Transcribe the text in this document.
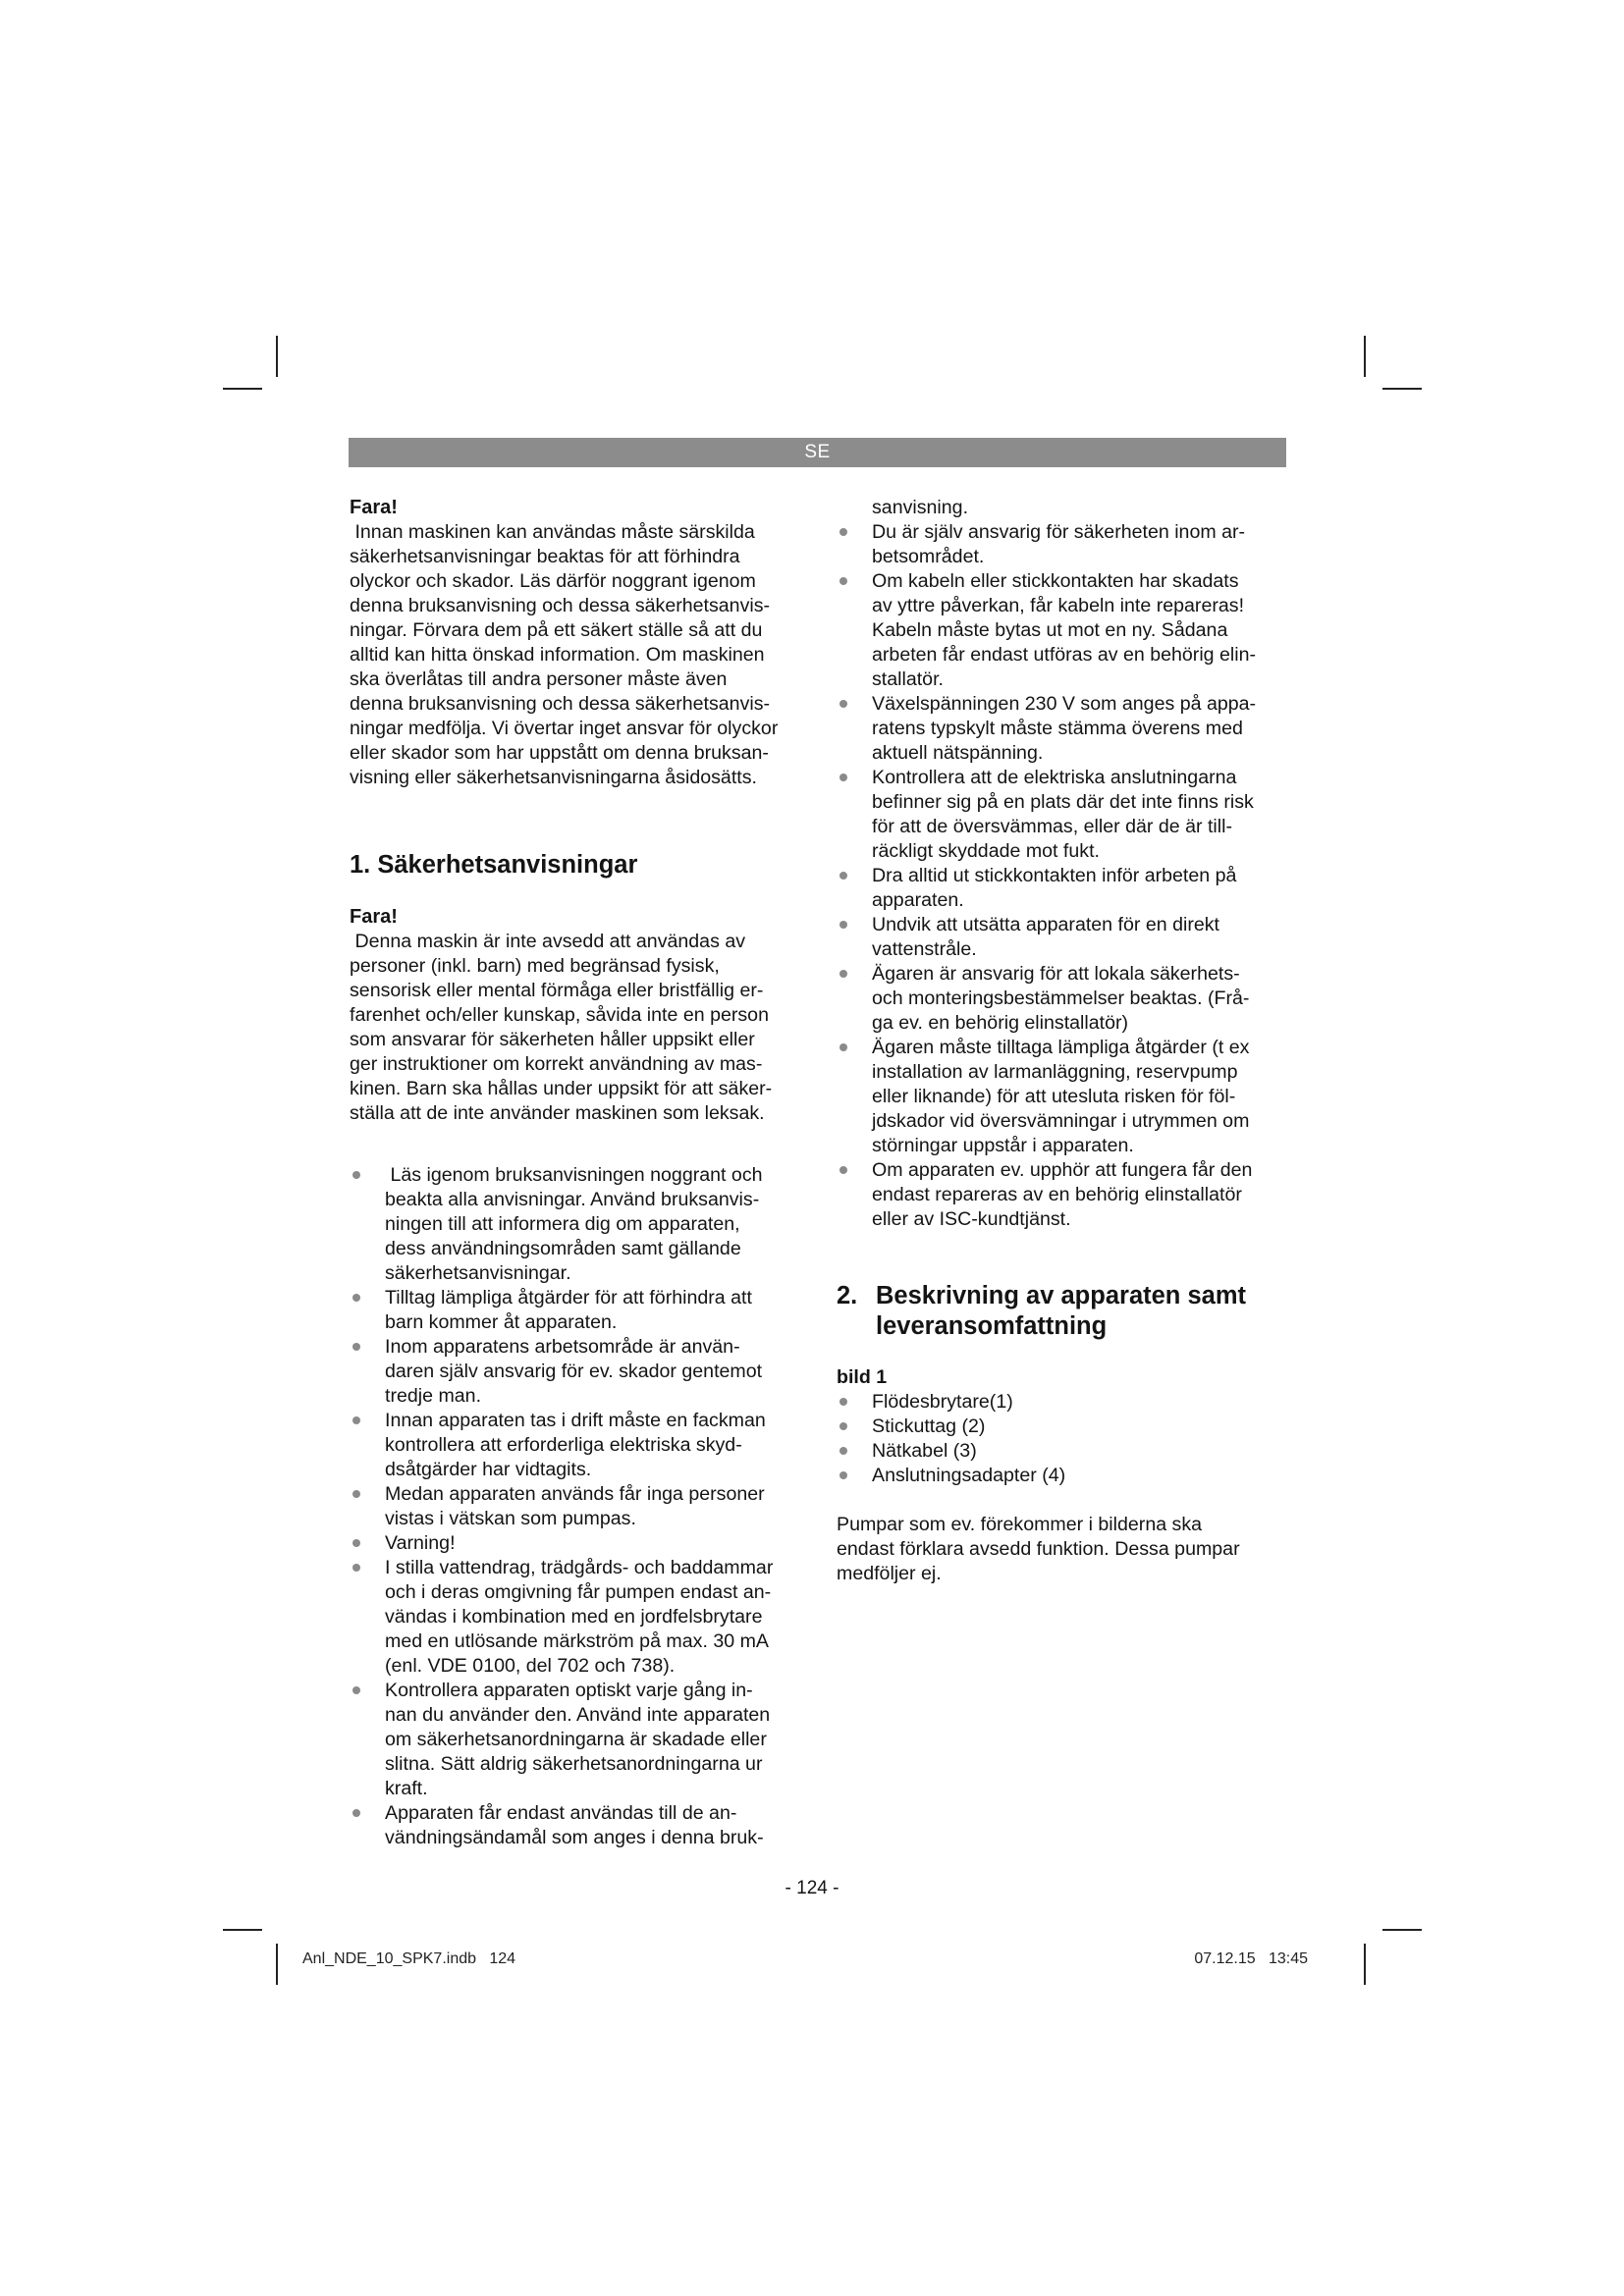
SE

Fara!

Innan maskinen kan användas måste särskilda
säkerhetsanvisningar beaktas för att förhindra
olyckor och skador. Läs därför noggrant igenom
denna bruksanvisning och dessa säkerhetsanvis-
ningar. Förvara dem på ett säkert ställe så att du
alltid kan hitta önskad information. Om maskinen
ska överlåtas till andra personer måste även
denna bruksanvisning och dessa säkerhetsanvis-
ningar medfölja. Vi övertar inget ansvar för olyckor
eller skador som har uppstått om denna bruksan-
visning eller säkerhetsanvisningarna åsidosätts.

1. Säkerhetsanvisningar

Fara!

Denna maskin är inte avsedd att användas av
personer (inkl. barn) med begränsad fysisk,
sensorisk eller mental förmåga eller bristfällig er-
farenhet och/eller kunskap, såvida inte en person
som ansvarar för säkerheten håller uppsikt eller
ger instruktioner om korrekt användning av mas-
kinen. Barn ska hållas under uppsikt för att säker-
ställa att de inte använder maskinen som leksak.

Läs igenom bruksanvisningen noggrant och
beakta alla anvisningar. Använd bruksanvis-
ningen till att informera dig om apparaten,
dess användningsområden samt gällande
säkerhetsanvisningar.
Tilltag lämpliga åtgärder för att förhindra att
barn kommer åt apparaten.
Inom apparatens arbetsområde är använ-
daren själv ansvarig för ev. skador gentemot
tredje man.
Innan apparaten tas i drift måste en fackman
kontrollera att erforderliga elektriska skyd-
dsåtgärder har vidtagits.
Medan apparaten används får inga personer
vistas i vätskan som pumpas.
Varning!
I stilla vattendrag, trädgårds- och baddammar
och i deras omgivning får pumpen endast an-
vändas i kombination med en jordfelsbrytare
med en utlösande märkström på max. 30 mA
(enl. VDE 0100, del 702 och 738).
Kontrollera apparaten optiskt varje gång in-
nan du använder den. Använd inte apparaten
om säkerhetsanordningarna är skadade eller
slitna. Sätt aldrig säkerhetsanordningarna ur
kraft.
Apparaten får endast användas till de an-
vändningsändamål som anges i denna bruk-
sanvisning.
Du är själv ansvarig för säkerheten inom ar-
betsområdet.
Om kabeln eller stickkontakten har skadats
av yttre påverkan, får kabeln inte repareras!
Kabeln måste bytas ut mot en ny. Sådana
arbeten får endast utföras av en behörig elin-
stallatör.
Växelspänningen 230 V som anges på appa-
ratens typskylt måste stämma överens med
aktuell nätspänning.
Kontrollera att de elektriska anslutningarna
befinner sig på en plats där det inte finns risk
för att de översvämmas, eller där de är till-
räckligt skyddade mot fukt.
Dra alltid ut stickkontakten inför arbeten på
apparaten.
Undvik att utsätta apparaten för en direkt
vattenstråle.
Ägaren är ansvarig för att lokala säkerhets-
och monteringsbestämmelser beaktas. (Frå-
ga ev. en behörig elinstallatör)
Ägaren måste tilltaga lämpliga åtgärder (t ex
installation av larmanläggning, reservpump
eller liknande) för att utesluta risken för föl-
jdskador vid översvämningar i utrymmen om
störningar uppstår i apparaten.
Om apparaten ev. upphör att fungera får den
endast repareras av en behörig elinstallatör
eller av ISC-kundtjänst.

2. Beskrivning av apparaten samt
leveransomfattning

bild 1

Flödesbrytare(1)
Stickuttag (2)
Nätkabel (3)
Anslutningsadapter (4)

Pumpar som ev. förekommer i bilderna ska
endast förklara avsedd funktion. Dessa pumpar
medföljer ej.

- 124 -
Anl_NDE_10_SPK7.indb   124	07.12.15   13:45
